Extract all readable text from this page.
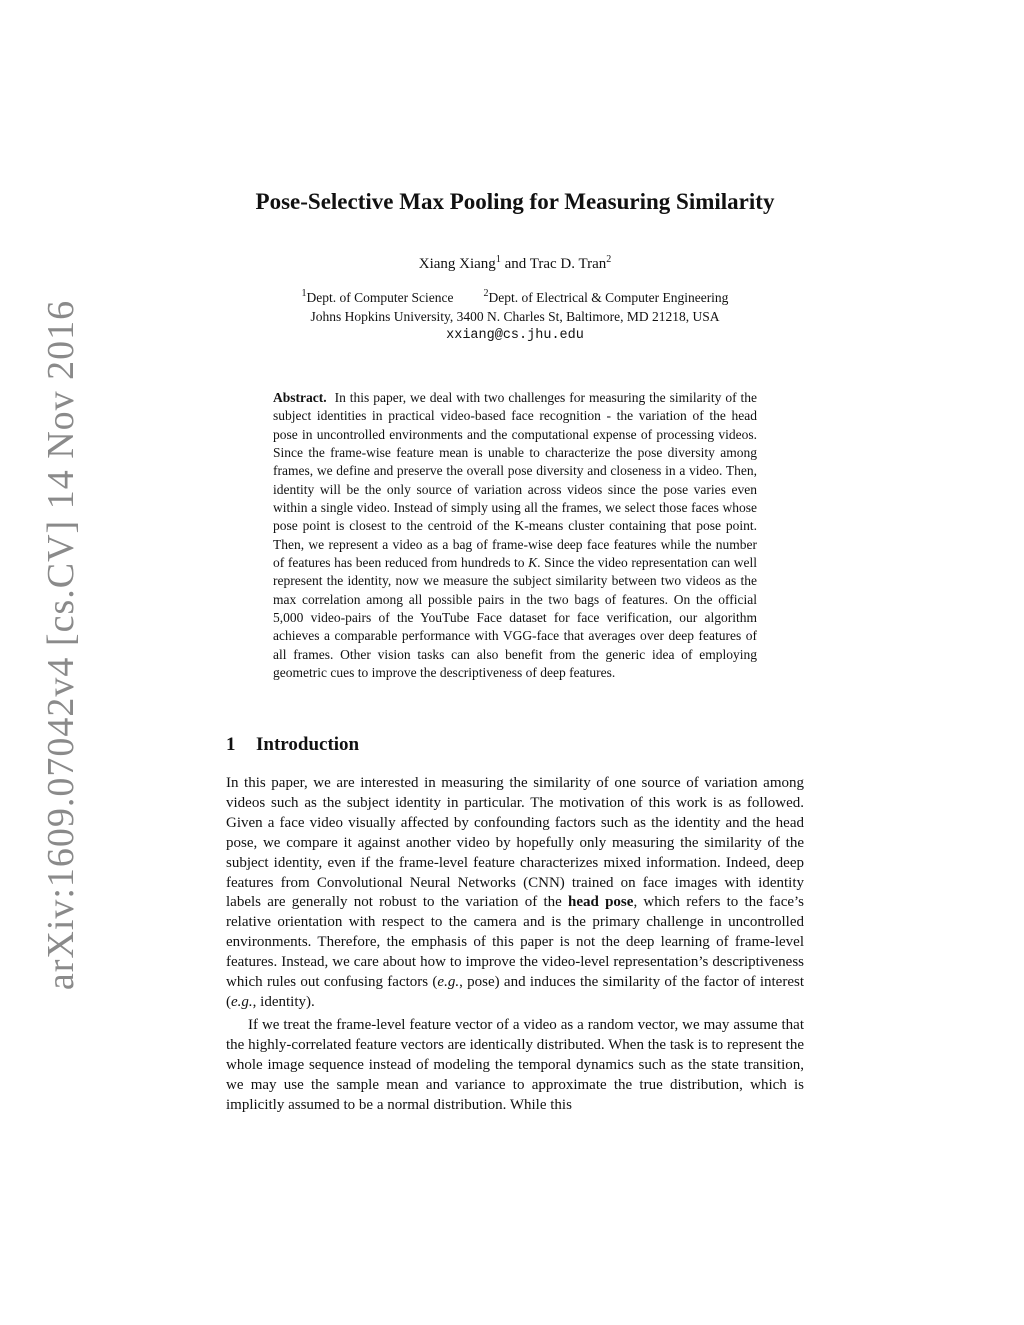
arXiv:1609.07042v4 [cs.CV] 14 Nov 2016
Pose-Selective Max Pooling for Measuring Similarity
Xiang Xiang$^1$ and Trac D. Tran$^2$
$^1$Dept. of Computer Science	$^2$Dept. of Electrical & Computer Engineering
Johns Hopkins University, 3400 N. Charles St, Baltimore, MD 21218, USA
xxiang@cs.jhu.edu
Abstract. In this paper, we deal with two challenges for measuring the similarity of the subject identities in practical video-based face recognition - the variation of the head pose in uncontrolled environments and the computational expense of processing videos. Since the frame-wise feature mean is unable to characterize the pose diversity among frames, we define and preserve the overall pose diversity and closeness in a video. Then, identity will be the only source of variation across videos since the pose varies even within a single video. Instead of simply using all the frames, we select those faces whose pose point is closest to the centroid of the K-means cluster containing that pose point. Then, we represent a video as a bag of frame-wise deep face features while the number of features has been reduced from hundreds to K. Since the video representation can well represent the identity, now we measure the subject similarity between two videos as the max correlation among all possible pairs in the two bags of features. On the official 5,000 video-pairs of the YouTube Face dataset for face verification, our algorithm achieves a comparable performance with VGG-face that averages over deep features of all frames. Other vision tasks can also benefit from the generic idea of employing geometric cues to improve the descriptiveness of deep features.
1 Introduction
In this paper, we are interested in measuring the similarity of one source of variation among videos such as the subject identity in particular. The motivation of this work is as followed. Given a face video visually affected by confounding factors such as the identity and the head pose, we compare it against another video by hopefully only measuring the similarity of the subject identity, even if the frame-level feature characterizes mixed information. Indeed, deep features from Convolutional Neural Networks (CNN) trained on face images with identity labels are generally not robust to the variation of the head pose, which refers to the face’s relative orientation with respect to the camera and is the primary challenge in uncontrolled environments. Therefore, the emphasis of this paper is not the deep learning of frame-level features. Instead, we care about how to improve the video-level representation’s descriptiveness which rules out confusing factors (e.g., pose) and induces the similarity of the factor of interest (e.g., identity).
If we treat the frame-level feature vector of a video as a random vector, we may assume that the highly-correlated feature vectors are identically distributed. When the task is to represent the whole image sequence instead of modeling the temporal dynamics such as the state transition, we may use the sample mean and variance to approximate the true distribution, which is implicitly assumed to be a normal distribution. While this
